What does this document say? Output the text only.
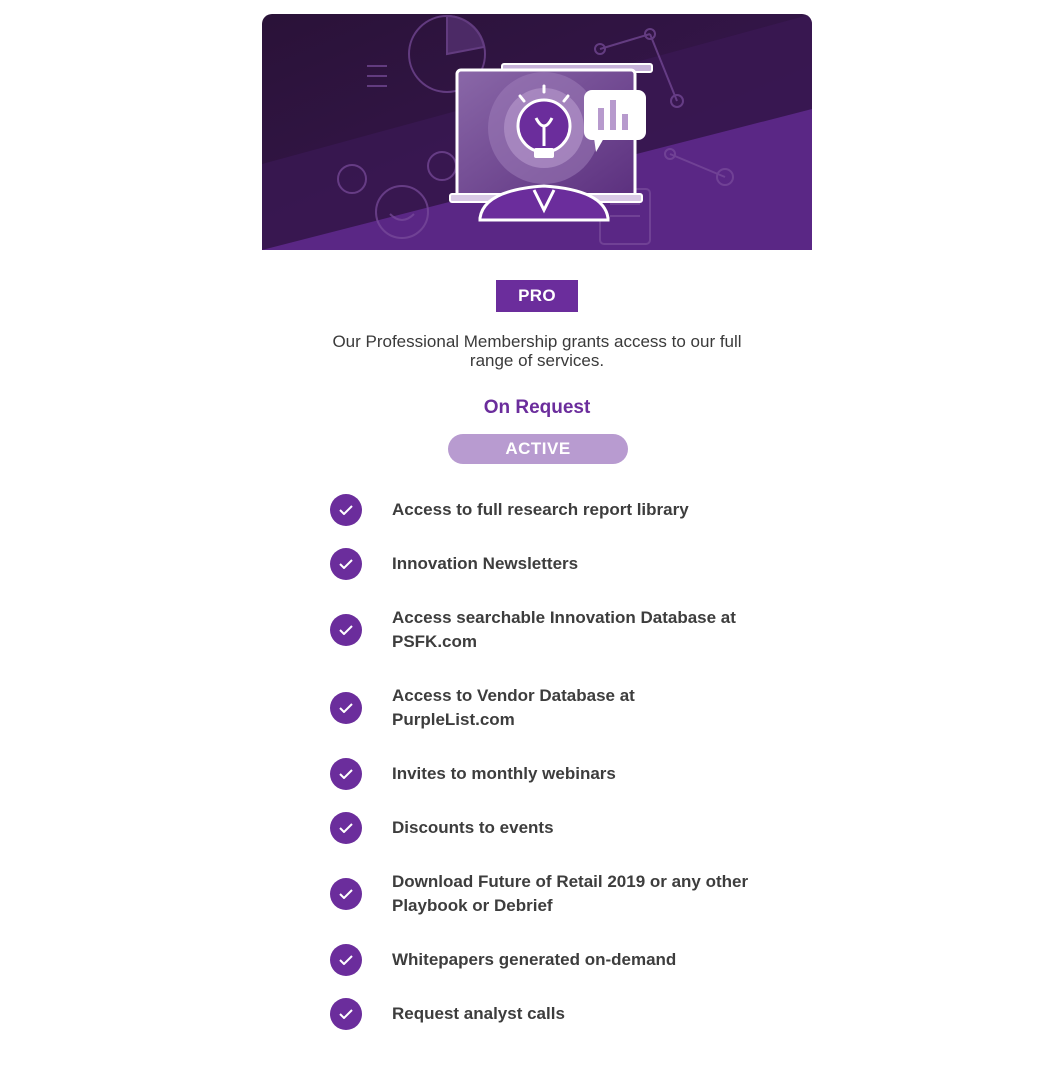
PRO
Our Professional Membership grants access to our full range of services.
On Request
ACTIVE
Access to full research report library
Innovation Newsletters
Access searchable Innovation Database at PSFK.com
Access to Vendor Database at PurpleList.com
Invites to monthly webinars
Discounts to events
Download Future of Retail 2019 or any other Playbook or Debrief
Whitepapers generated on-demand
Request analyst calls
